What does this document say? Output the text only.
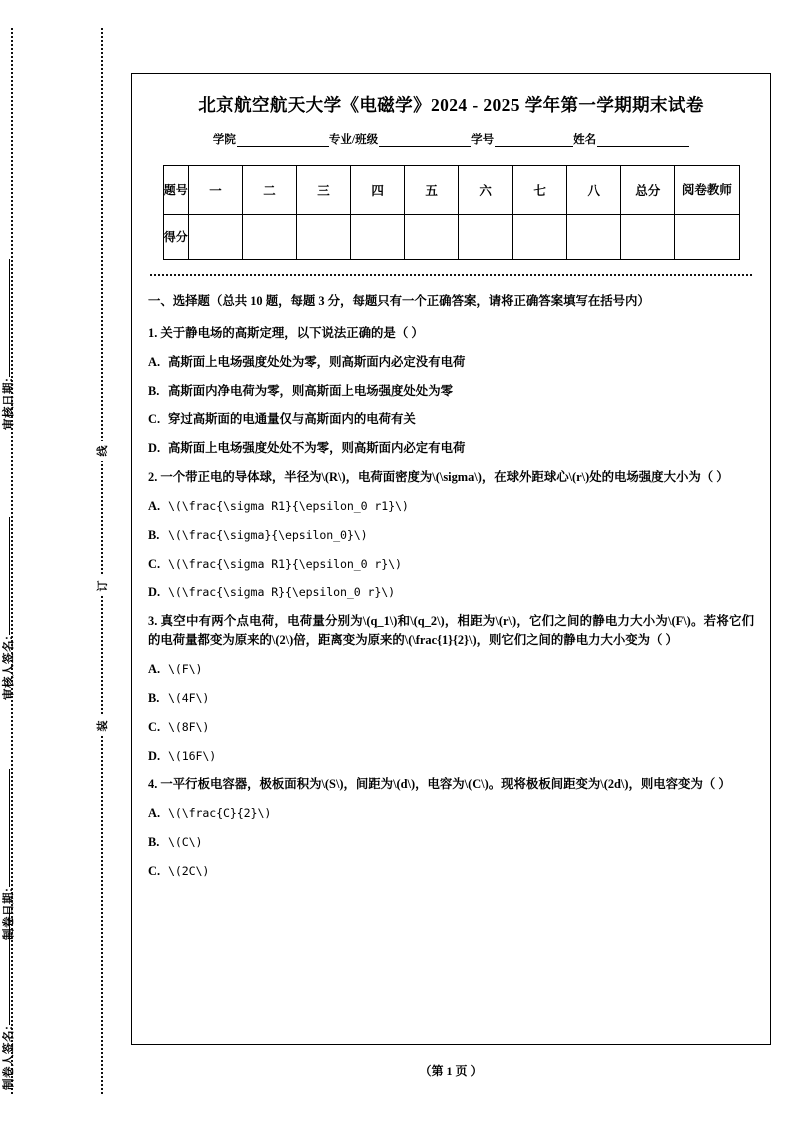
审核日期:
审核人签名:
制卷日期:
制卷人签名:
线
订
装
北京航空航天大学《电磁学》2024 - 2025 学年第一学期期末试卷
学院	专业/班级	学号	姓名
题号	一	二	三	四	五	六	七	八	总分	阅卷教师
得分										
一、选择题（总共 10 题，每题 3 分，每题只有一个正确答案，请将正确答案填写在括号内）
1. 关于静电场的高斯定理，以下说法正确的是（ ）
A. 高斯面上电场强度处处为零，则高斯面内必定没有电荷
B. 高斯面内净电荷为零，则高斯面上电场强度处处为零
C. 穿过高斯面的电通量仅与高斯面内的电荷有关
D. 高斯面上电场强度处处不为零，则高斯面内必定有电荷
2. 一个带正电的导体球，半径为\(R\)，电荷面密度为\(\sigma\)，在球外距球心\(r\)处的电场强度大小为（ ）
A. \(\frac{\sigma R1}{\epsilon_0 r1}\)
B. \(\frac{\sigma}{\epsilon_0}\)
C. \(\frac{\sigma R1}{\epsilon_0 r}\)
D. \(\frac{\sigma R}{\epsilon_0 r}\)
3. 真空中有两个点电荷，电荷量分别为\(q_1\)和\(q_2\)，相距为\(r\)，它们之间的静电力大小为\(F\)。若将它们的电荷量都变为原来的\(2\)倍，距离变为原来的\(\frac{1}{2}\)，则它们之间的静电力大小变为（ ）
A. \(F\)
B. \(4F\)
C. \(8F\)
D. \(16F\)
4. 一平行板电容器，极板面积为\(S\)，间距为\(d\)，电容为\(C\)。现将极板间距变为\(2d\)，则电容变为（ ）
A. \(\frac{C}{2}\)
B. \(C\)
C. \(2C\)
（第 1 页 ）
